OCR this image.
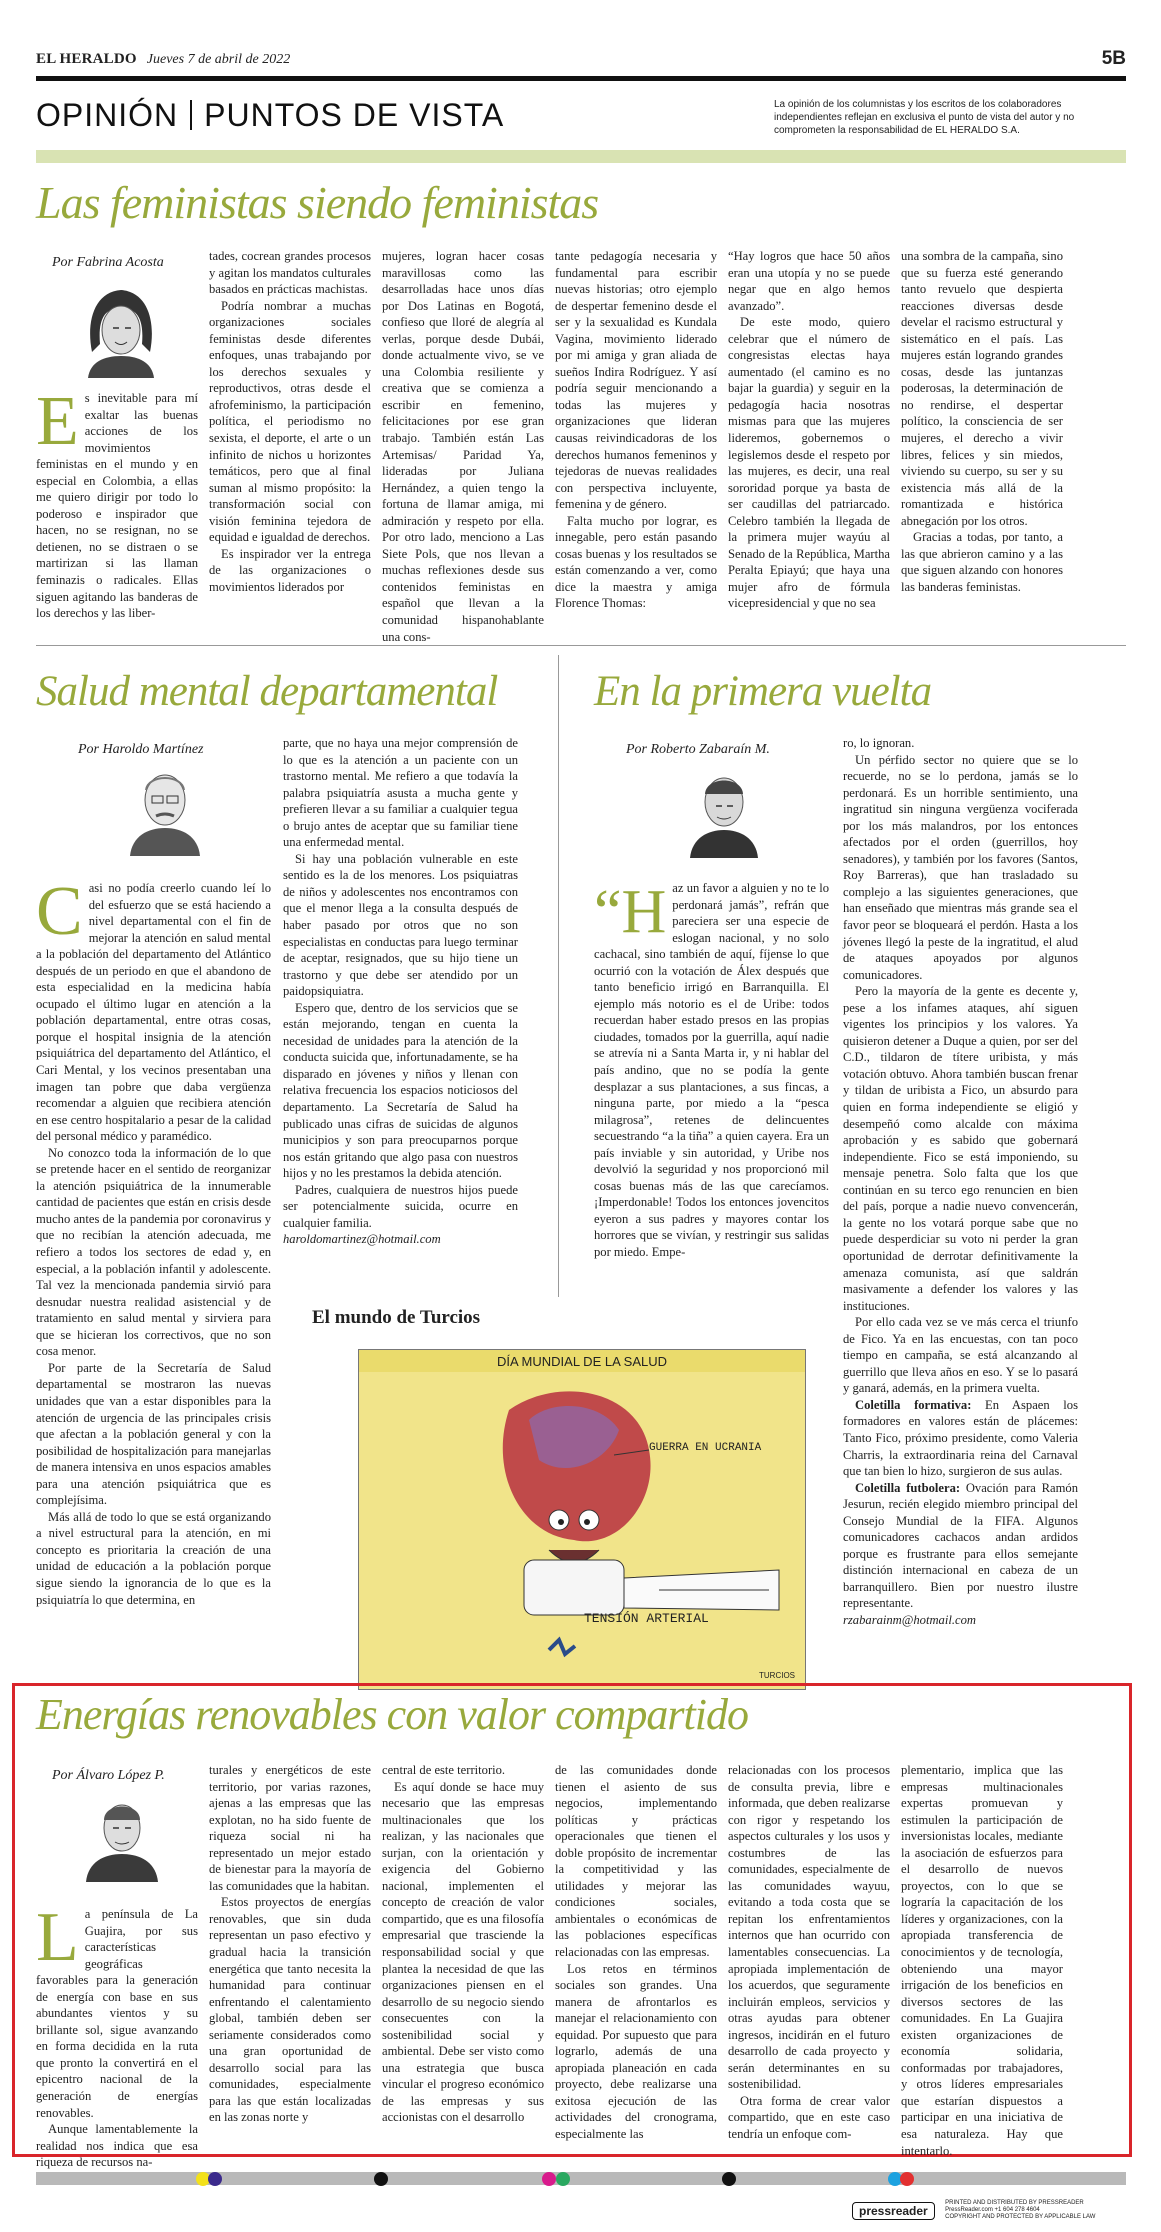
EL HERALDO Jueves 7 de abril de 2022	5B
OPINIÓN PUNTOS DE VISTA	La opinión de los columnistas y los escritos de los colaboradores independientes reflejan en exclusiva el punto de vista del autor y no comprometen la responsabilidad de EL HERALDO S.A.
Las feministas siendo feministas
Por Fabrina Acosta
E s inevitable para mí exaltar las buenas acciones de los movimientos feministas en el mundo y en especial en Colombia, a ellas me quiero dirigir por todo lo poderoso e inspirador que hacen, no se resignan, no se detienen, no se distraen o se martirizan si las llaman feminazis o radicales. Ellas siguen agitando las banderas de los derechos y las liber-

tades, cocrean grandes procesos y agitan los mandatos culturales basados en prácticas machistas.

Podría nombrar a muchas organizaciones sociales feministas desde diferentes enfoques, unas trabajando por los derechos sexuales y reproductivos, otras desde el afrofeminismo, la participación política, el periodismo no sexista, el deporte, el arte o un infinito de nichos u horizontes temáticos, pero que al final suman al mismo propósito: la transformación social con visión feminina tejedora de equidad e igualdad de derechos.

Es inspirador ver la entrega de las organizaciones o movimientos liderados por

mujeres, logran hacer cosas maravillosas como las desarrolladas hace unos días por Dos Latinas en Bogotá, confieso que lloré de alegría al verlas, porque desde Dubái, donde actualmente vivo, se ve una Colombia resiliente y creativa que se comienza a escribir en femenino, felicitaciones por ese gran trabajo. También están Las Artemisas/ Paridad Ya, lideradas por Juliana Hernández, a quien tengo la fortuna de llamar amiga, mi admiración y respeto por ella. Por otro lado, menciono a Las Siete Pols, que nos llevan a muchas reflexiones desde sus contenidos feministas en español que llevan a la comunidad hispanohablante una cons-

tante pedagogía necesaria y fundamental para escribir nuevas historias; otro ejemplo de despertar femenino desde el ser y la sexualidad es Kundala Vagina, movimiento liderado por mi amiga y gran aliada de sueños Indira Rodríguez. Y así podría seguir mencionando a todas las mujeres y organizaciones que lideran causas reivindicadoras de los derechos humanos femeninos y tejedoras de nuevas realidades con perspectiva incluyente, femenina y de género.

Falta mucho por lograr, es innegable, pero están pasando cosas buenas y los resultados se están comenzando a ver, como dice la maestra y amiga Florence Thomas:

“Hay logros que hace 50 años eran una utopía y no se puede negar que en algo hemos avanzado”.

De este modo, quiero celebrar que el número de congresistas electas haya aumentado (el camino es no bajar la guardia) y seguir en la pedagogía hacia nosotras mismas para que las mujeres lideremos, gobernemos o legislemos desde el respeto por las mujeres, es decir, una real sororidad porque ya basta de ser caudillas del patriarcado. Celebro también la llegada de la primera mujer wayúu al Senado de la República, Martha Peralta Epiayú; que haya una mujer afro de fórmula vicepresidencial y que no sea

una sombra de la campaña, sino que su fuerza esté generando tanto revuelo que despierta reacciones diversas desde develar el racismo estructural y sistemático en el país. Las mujeres están logrando grandes cosas, desde las juntanzas poderosas, la determinación de no rendirse, el despertar político, la consciencia de ser mujeres, el derecho a vivir libres, felices y sin miedos, viviendo su cuerpo, su ser y su existencia más allá de la romantizada e histórica abnegación por los otros.

Gracias a todas, por tanto, a las que abrieron camino y a las que siguen alzando con honores las banderas feministas.

Salud mental departamental
Por Haroldo Martínez
C asi no podía creerlo cuando leí lo del esfuerzo que se está haciendo a nivel departamental con el fin de mejorar la atención en salud mental a la población del departamento del Atlántico después de un periodo en que el abandono de esta especialidad en la medicina había ocupado el último lugar en atención a la población departamental, entre otras cosas, porque el hospital insignia de la atención psiquiátrica del departamento del Atlántico, el Cari Mental, y los vecinos presentaban una imagen tan pobre que daba vergüenza recomendar a alguien que recibiera atención en ese centro hospitalario a pesar de la calidad del personal médico y paramédico.

No conozco toda la información de lo que se pretende hacer en el sentido de reorganizar la atención psiquiátrica de la innumerable cantidad de pacientes que están en crisis desde mucho antes de la pandemia por coronavirus y que no recibían la atención adecuada, me refiero a todos los sectores de edad y, en especial, a la población infantil y adolescente. Tal vez la mencionada pandemia sirvió para desnudar nuestra realidad asistencial y de tratamiento en salud mental y sirviera para que se hicieran los correctivos, que no son cosa menor.

Por parte de la Secretaría de Salud departamental se mostraron las nuevas unidades que van a estar disponibles para la atención de urgencia de las principales crisis que afectan a la población general y con la posibilidad de hospitalización para manejarlas de manera intensiva en unos espacios amables para una atención psiquiátrica que es complejísima.

Más allá de todo lo que se está organizando a nivel estructural para la atención, en mi concepto es prioritaria la creación de una unidad de educación a la población porque sigue siendo la ignorancia de lo que es la psiquiatría lo que determina, en

parte, que no haya una mejor comprensión de lo que es la atención a un paciente con un trastorno mental. Me refiero a que todavía la palabra psiquiatría asusta a mucha gente y prefieren llevar a su familiar a cualquier tegua o brujo antes de aceptar que su familiar tiene una enfermedad mental.

Si hay una población vulnerable en este sentido es la de los menores. Los psiquiatras de niños y adolescentes nos encontramos con que el menor llega a la consulta después de haber pasado por otros que no son especialistas en conductas para luego terminar de aceptar, resignados, que su hijo tiene un trastorno y que debe ser atendido por un paidopsiquiatra.

Espero que, dentro de los servicios que se están mejorando, tengan en cuenta la necesidad de unidades para la atención de la conducta suicida que, infortunadamente, se ha disparado en jóvenes y niños y llenan con relativa frecuencia los espacios noticiosos del departamento. La Secretaría de Salud ha publicado unas cifras de suicidas de algunos municipios y son para preocuparnos porque nos están gritando que algo pasa con nuestros hijos y no les prestamos la debida atención.

Padres, cualquiera de nuestros hijos puede ser potencialmente suicida, ocurre en cualquier familia.

haroldomartinez@hotmail.com

En la primera vuelta
Por Roberto Zabaraín M.
“H az un favor a alguien y no te lo perdonará jamás”, refrán que pareciera ser una especie de eslogan nacional, y no solo cachacal, sino también de aquí, fíjense lo que ocurrió con la votación de Álex después que tanto beneficio irrigó en Barranquilla. El ejemplo más notorio es el de Uribe: todos recuerdan haber estado presos en las propias ciudades, tomados por la guerrilla, aquí nadie se atrevía ni a Santa Marta ir, y ni hablar del país andino, que no se podía la gente desplazar a sus plantaciones, a sus fincas, a ninguna parte, por miedo a la “pesca milagrosa”, retenes de delincuentes secuestrando “a la tiña” a quien cayera. Era un país inviable y sin autoridad, y Uribe nos devolvió la seguridad y nos proporcionó mil cosas buenas más de las que carecíamos. ¡Imperdonable! Todos los entonces jovencitos eyeron a sus padres y mayores contar los horrores que se vivían, y restringir sus salidas por miedo. Empe-

ro, lo ignoran.

Un pérfido sector no quiere que se lo recuerde, no se lo perdona, jamás se lo perdonará. Es un horrible sentimiento, una ingratitud sin ninguna vergüenza vociferada por los más malandros, por los entonces afectados por el orden (guerrillos, hoy senadores), y también por los favores (Santos, Roy Barreras), que han trasladado su complejo a las siguientes generaciones, que han enseñado que mientras más grande sea el favor peor se bloqueará el perdón. Hasta a los jóvenes llegó la peste de la ingratitud, el alud de ataques apoyados por algunos comunicadores.

Pero la mayoría de la gente es decente y, pese a los infames ataques, ahí siguen vigentes los principios y los valores. Ya quisieron detener a Duque a quien, por ser del C.D., tildaron de títere uribista, y más votación obtuvo. Ahora también buscan frenar y tildan de uribista a Fico, un absurdo para quien en forma independiente se eligió y desempeñó como alcalde con máxima aprobación y es sabido que gobernará independiente. Fico se está imponiendo, su mensaje penetra. Solo falta que los que continúan en su terco ego renuncien en bien del país, porque a nadie nuevo convencerán, la gente no los votará porque sabe que no puede desperdiciar su voto ni perder la gran oportunidad de derrotar definitivamente la amenaza comunista, así que saldrán masivamente a defender los valores y las instituciones.

Por ello cada vez se ve más cerca el triunfo de Fico. Ya en las encuestas, con tan poco tiempo en campaña, se está alcanzando al guerrillo que lleva años en eso. Y se lo pasará y ganará, además, en la primera vuelta.

Coletilla formativa: En Aspaen los formadores en valores están de plácemes: Tanto Fico, próximo presidente, como Valeria Charris, la extraordinaria reina del Carnaval que tan bien lo hizo, surgieron de sus aulas.

Coletilla futbolera: Ovación para Ramón Jesurun, recién elegido miembro principal del Consejo Mundial de la FIFA. Algunos comunicadores cachacos andan ardidos porque es frustrante para ellos semejante distinción internacional en cabeza de un barranquillero. Bien por nuestro ilustre representante.

rzabarainm@hotmail.com

El mundo de Turcios
DÍA MUNDIAL DE LA SALUD
GUERRA EN UCRANIA
TENSIÓN ARTERIAL
TURCIOS
Energías renovables con valor compartido
Por Álvaro López P.
L a península de La Guajira, por sus características geográficas favorables para la generación de energía con base en sus abundantes vientos y su brillante sol, sigue avanzando en forma decidida en la ruta que pronto la convertirá en el epicentro nacional de la generación de energías renovables.

Aunque lamentablemente la realidad nos indica que esa riqueza de recursos na-

turales y energéticos de este territorio, por varias razones, ajenas a las empresas que las explotan, no ha sido fuente de riqueza social ni ha representado un mejor estado de bienestar para la mayoría de las comunidades que la habitan.

Estos proyectos de energías renovables, que sin duda representan un paso efectivo y gradual hacia la transición energética que tanto necesita la humanidad para continuar enfrentando el calentamiento global, también deben ser seriamente considerados como una gran oportunidad de desarrollo social para las comunidades, especialmente para las que están localizadas en las zonas norte y

central de este territorio.

Es aquí donde se hace muy necesario que las empresas multinacionales que los realizan, y las nacionales que surjan, con la orientación y exigencia del Gobierno nacional, implementen el concepto de creación de valor compartido, que es una filosofía empresarial que trasciende la responsabilidad social y que plantea la necesidad de que las organizaciones piensen en el desarrollo de su negocio siendo consecuentes con la sostenibilidad social y ambiental. Debe ser visto como una estrategia que busca vincular el progreso económico de las empresas y sus accionistas con el desarrollo

de las comunidades donde tienen el asiento de sus negocios, implementando políticas y prácticas operacionales que tienen el doble propósito de incrementar la competitividad y las utilidades y mejorar las condiciones sociales, ambientales o económicas de las poblaciones específicas relacionadas con las empresas.

Los retos en términos sociales son grandes. Una manera de afrontarlos es manejar el relacionamiento con equidad. Por supuesto que para lograrlo, además de una apropiada planeación en cada proyecto, debe realizarse una exitosa ejecución de las actividades del cronograma, especialmente las

relacionadas con los procesos de consulta previa, libre e informada, que deben realizarse con rigor y respetando los aspectos culturales y los usos y costumbres de las comunidades, especialmente de las comunidades wayuu, evitando a toda costa que se repitan los enfrentamientos internos que han ocurrido con lamentables consecuencias. La apropiada implementación de los acuerdos, que seguramente incluirán empleos, servicios y otras ayudas para obtener ingresos, incidirán en el futuro desarrollo de cada proyecto y serán determinantes en su sostenibilidad.

Otra forma de crear valor compartido, que en este caso tendría un enfoque com-

plementario, implica que las empresas multinacionales expertas promuevan y estimulen la participación de inversionistas locales, mediante la asociación de esfuerzos para el desarrollo de nuevos proyectos, con lo que se lograría la capacitación de los líderes y organizaciones, con la apropiada transferencia de conocimientos y de tecnología, obteniendo una mayor irrigación de los beneficios en diversos sectores de las comunidades. En La Guajira existen organizaciones de economía solidaria, conformadas por trabajadores, y otros líderes empresariales que estarían dispuestos a participar en una iniciativa de esa naturaleza. Hay que intentarlo.

pressreader PRINTED AND DISTRIBUTED BY PRESSREADER
PressReader.com +1 604 278 4604
COPYRIGHT AND PROTECTED BY APPLICABLE LAW
